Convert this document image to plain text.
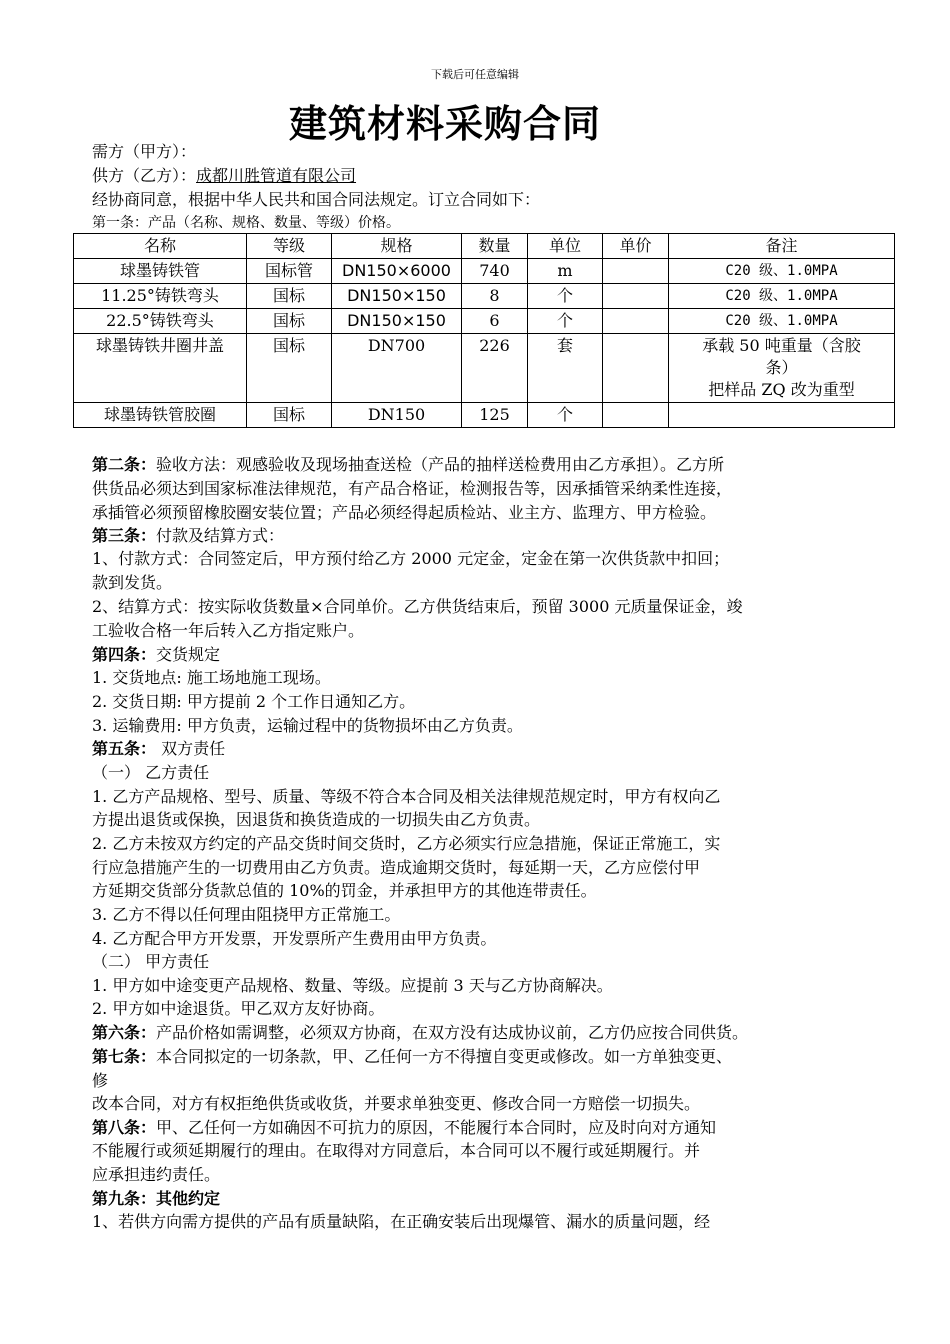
下载后可任意编辑
建筑材料采购合同
需方（甲方）：
供方（乙方）：成都川胜管道有限公司
经协商同意，根据中华人民共和国合同法规定。订立合同如下：
第一条：产品（名称、规格、数量、等级）价格。
名称	等级	规格	数量	单位	单价	备注
球墨铸铁管	国标管	DN150×6000	740	m		C20 级、1.0MPA
11.25°铸铁弯头	国标	DN150×150	8	个		C20 级、1.0MPA
22.5°铸铁弯头	国标	DN150×150	6	个		C20 级、1.0MPA
球墨铸铁井圈井盖	国标	DN700	226	套		承载 50 吨重量（含胶
条）
把样品 ZQ 改为重型

球墨铸铁管胶圈	国标	DN150	125	个		
第二条：验收方法：观感验收及现场抽查送检（产品的抽样送检费用由乙方承担）。乙方所
供货品必须达到国家标准法律规范，有产品合格证，检测报告等，因承插管采纳柔性连接，
承插管必须预留橡胶圈安装位置；产品必须经得起质检站、业主方、监理方、甲方检验。
第三条：付款及结算方式：
1、付款方式：合同签定后，甲方预付给乙方 2000 元定金，定金在第一次供货款中扣回；
款到发货。
2、结算方式：按实际收货数量×合同单价。乙方供货结束后，预留 3000 元质量保证金，竣
工验收合格一年后转入乙方指定账户。
第四条：交货规定
1. 交货地点: 施工场地施工现场。
2. 交货日期: 甲方提前 2 个工作日通知乙方。
3. 运输费用: 甲方负责，运输过程中的货物损坏由乙方负责。
第五条： 双方责任
（一） 乙方责任
1. 乙方产品规格、型号、质量、等级不符合本合同及相关法律规范规定时，甲方有权向乙
方提出退货或保换，因退货和换货造成的一切损失由乙方负责。
2. 乙方未按双方约定的产品交货时间交货时，乙方必须实行应急措施，保证正常施工，实
行应急措施产生的一切费用由乙方负责。造成逾期交货时，每延期一天，乙方应偿付甲
方延期交货部分货款总值的 10%的罚金，并承担甲方的其他连带责任。
3. 乙方不得以任何理由阻挠甲方正常施工。
4. 乙方配合甲方开发票，开发票所产生费用由甲方负责。
（二） 甲方责任
1. 甲方如中途变更产品规格、数量、等级。应提前 3 天与乙方协商解决。
2. 甲方如中途退货。甲乙双方友好协商。
第六条：产品价格如需调整，必须双方协商，在双方没有达成协议前，乙方仍应按合同供货。
第七条：本合同拟定的一切条款，甲、乙任何一方不得擅自变更或修改。如一方单独变更、
修
改本合同，对方有权拒绝供货或收货，并要求单独变更、修改合同一方赔偿一切损失。
第八条：甲、乙任何一方如确因不可抗力的原因，不能履行本合同时，应及时向对方通知
不能履行或须延期履行的理由。在取得对方同意后，本合同可以不履行或延期履行。并
应承担违约责任。
第九条：其他约定
1、若供方向需方提供的产品有质量缺陷，在正确安装后出现爆管、漏水的质量问题，经
